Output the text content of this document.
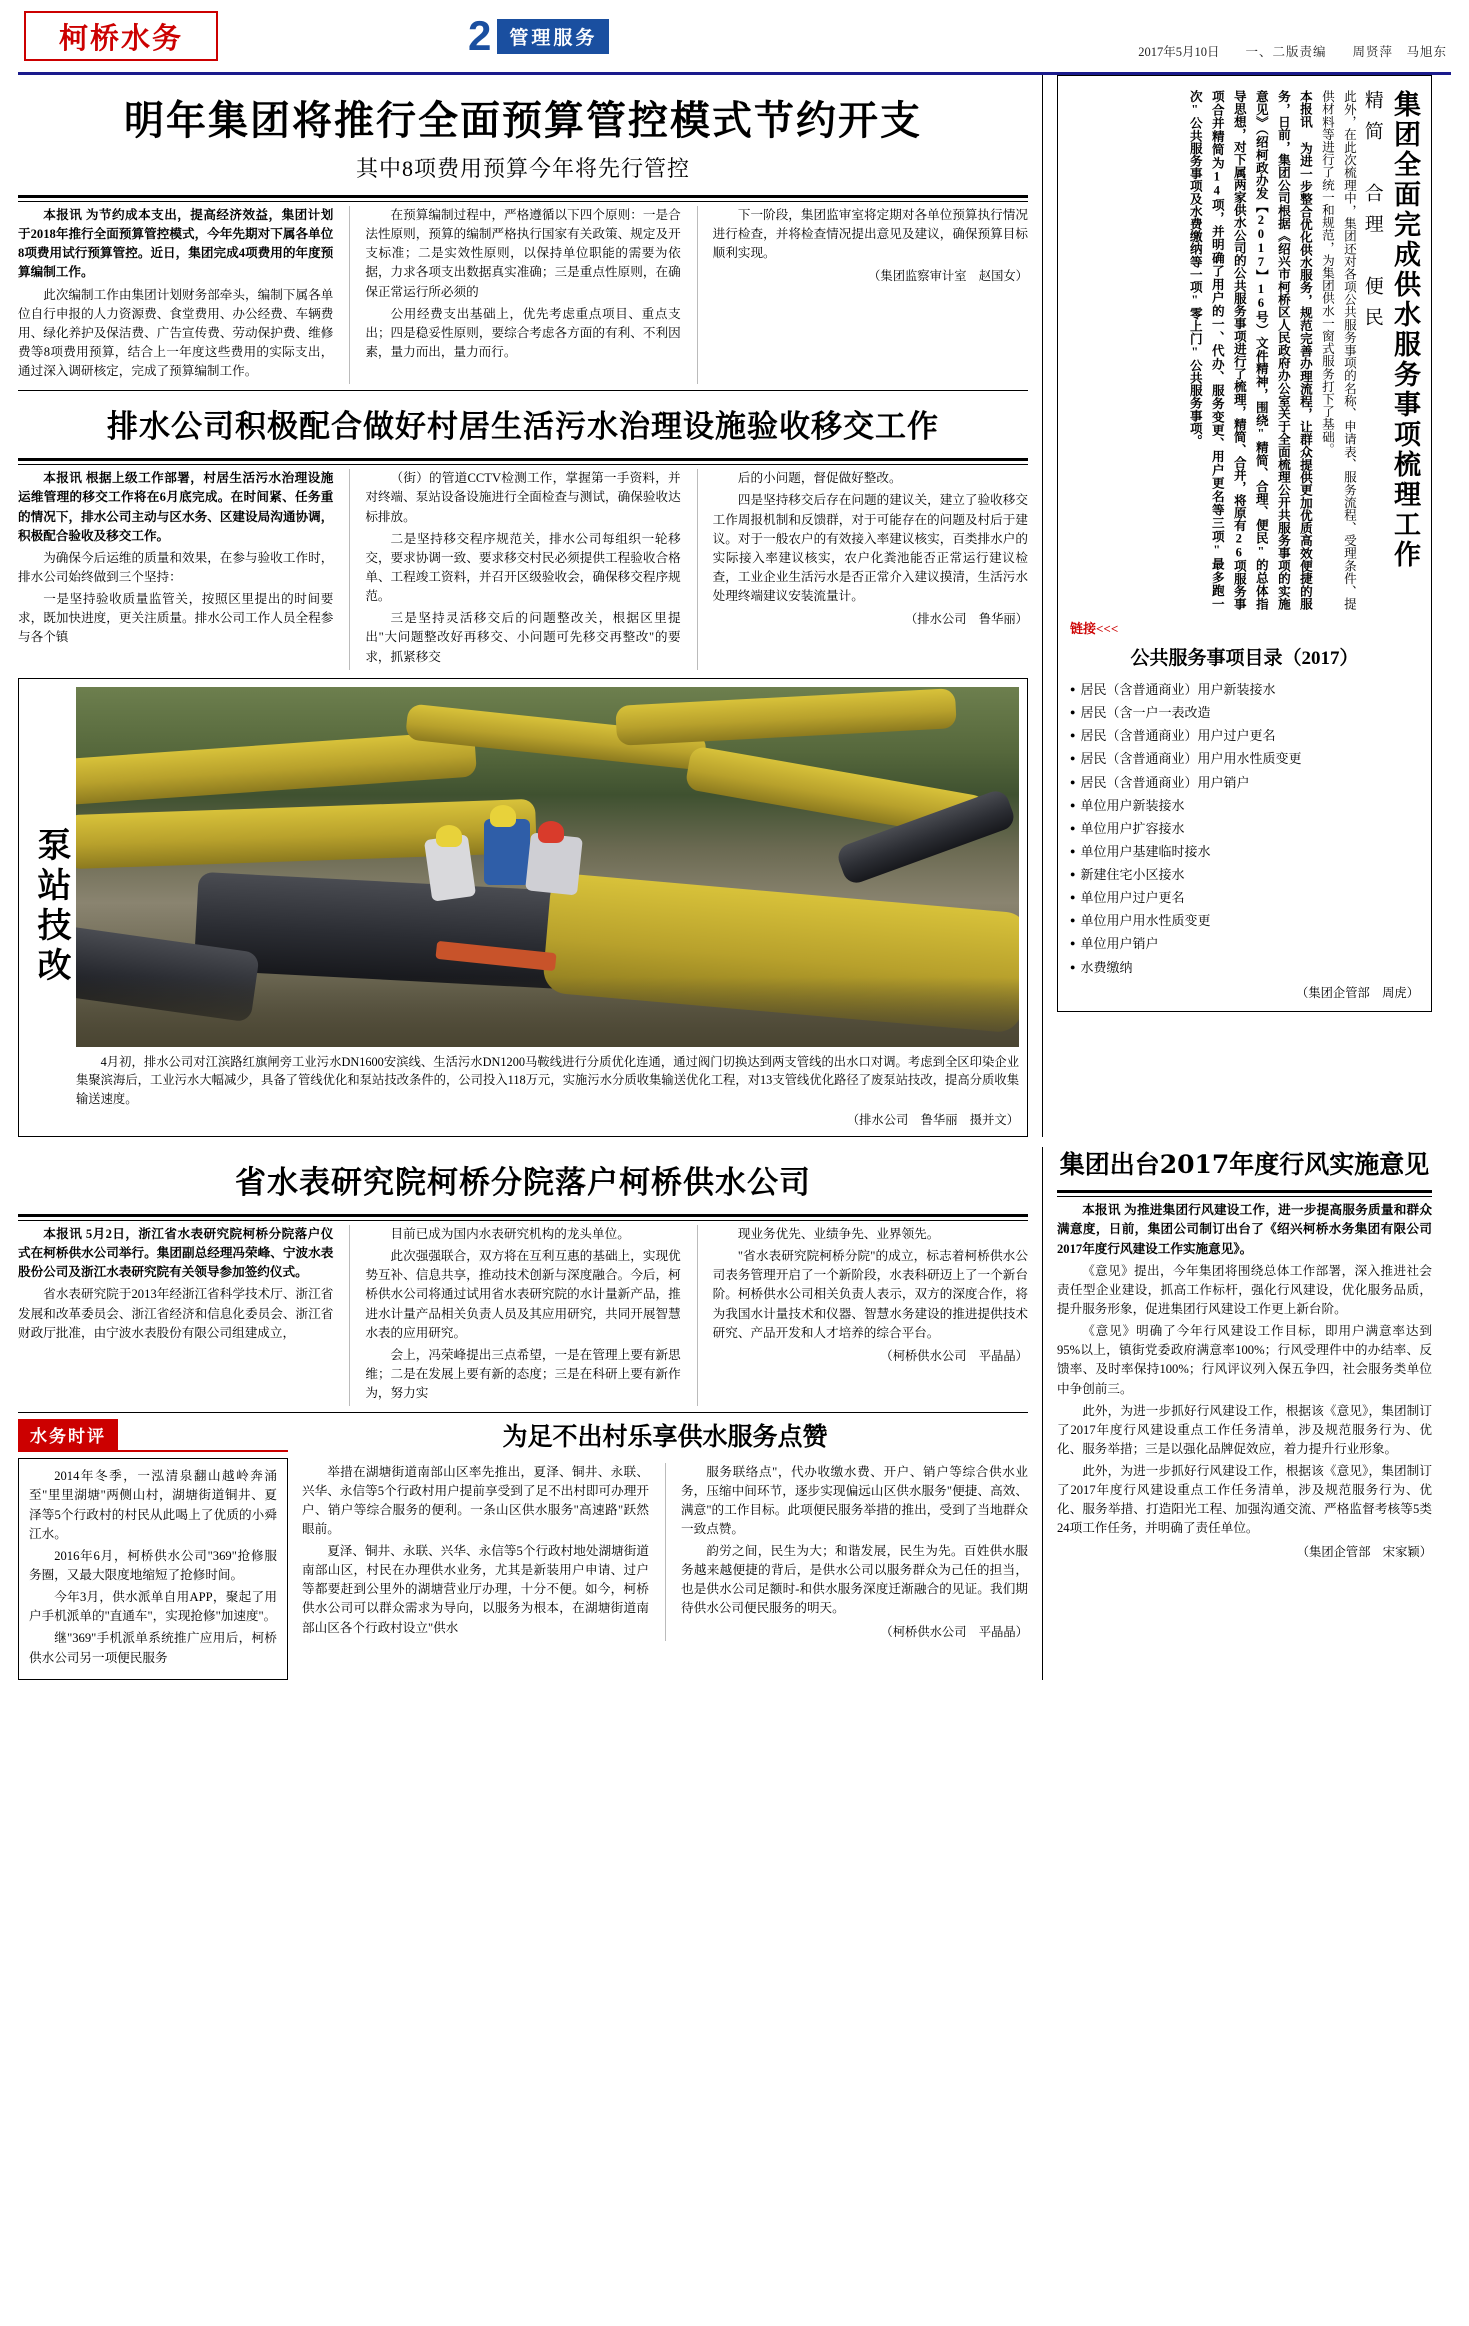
柯桥水务	2 管理服务
2017年5月10日 一、二版责编 周贤萍　马旭东
明年集团将推行全面预算管控模式节约开支
其中8项费用预算今年将先行管控

本报讯 为节约成本支出，提高经济效益，集团计划于2018年推行全面预算管控模式，今年先期对下属各单位8项费用试行预算管控。近日，集团完成4项费用的年度预算编制工作。

此次编制工作由集团计划财务部牵头，编制下属各单位自行申报的人力资源费、食堂费用、办公经费、车辆费用、绿化养护及保洁费、广告宣传费、劳动保护费、维修费等8项费用预算，结合上一年度这些费用的实际支出，通过深入调研核定，完成了预算编制工作。

在预算编制过程中，严格遵循以下四个原则：一是合法性原则，预算的编制严格执行国家有关政策、规定及开支标准；二是实效性原则，以保持单位职能的需要为依据，力求各项支出数据真实准确；三是重点性原则，在确保正常运行所必须的

公用经费支出基础上，优先考虑重点项目、重点支出；四是稳妥性原则，要综合考虑各方面的有利、不利因素，量力而出，量力而行。

下一阶段，集团监审室将定期对各单位预算执行情况进行检查，并将检查情况提出意见及建议，确保预算目标顺利实现。

（集团监察审计室　赵国女）
排水公司积极配合做好村居生活污水治理设施验收移交工作

本报讯 根据上级工作部署，村居生活污水治理设施运维管理的移交工作将在6月底完成。在时间紧、任务重的情况下，排水公司主动与区水务、区建设局沟通协调，积极配合验收及移交工作。

为确保今后运维的质量和效果，在参与验收工作时，排水公司始终做到三个坚持：

一是坚持验收质量监管关，按照区里提出的时间要求，既加快进度，更关注质量。排水公司工作人员全程参与各个镇

（街）的管道CCTV检测工作，掌握第一手资料，并对终端、泵站设备设施进行全面检查与测试，确保验收达标排放。

二是坚持移交程序规范关，排水公司每组织一轮移交，要求协调一致、要求移交村民必须提供工程验收合格单、工程竣工资料，并召开区级验收会，确保移交程序规范。

三是坚持灵活移交后的问题整改关，根据区里提出"大问题整改好再移交、小问题可先移交再整改"的要求，抓紧移交

后的小问题，督促做好整改。

四是坚持移交后存在问题的建议关，建立了验收移交工作周报机制和反馈群，对于可能存在的问题及村后于建议。对于一般农户的有效接入率建议核实，百类排水户的实际接入率建议核实，农户化粪池能否正常运行建议检查，工业企业生活污水是否正常介入建议摸清，生活污水处理终端建议安装流量计。

（排水公司　鲁华丽）
泵站技改
4月初，排水公司对江滨路红旗闸旁工业污水DN1600安滨线、生活污水DN1200马鞍线进行分质优化连通，通过阀门切换达到两支管线的出水口对调。考虑到全区印染企业集聚滨海后，工业污水大幅减少，具备了管线优化和泵站技改条件的，公司投入118万元，实施污水分质收集输送优化工程，对13支管线优化路径了废泵站技改，提高分质收集输送速度。
（排水公司　鲁华丽　摄并文）
本报讯 为进一步整合优化供水服务，规范完善办理流程，让群众提供更加优质高效便捷的服务，日前，集团公司根据《绍兴市柯桥区人民政府办公室关于全面梳理公开共服务事项的实施意见》（绍柯政办发【2017】16号）文件精神，围绕"精简、合理、便民"的总体指导思想，对下属两家供水公司的公共服务事项进行了梳理，精简、合并，将原有26项服务事项合并精简为14项，并明确了用户的一、代办、服务变更、用户更名等三项"最多跑一次"公共服务事项及水费缴纳等一项"零上门"公共服务事项。	此外，在此次梳理中，集团还对各项公共服务事项的名称、申请表、服务流程、受理条件、提供材料等进行了统一和规范，为集团供水一窗式服务打下了基础。	精简　合理　便民 集团全面完成供水服务事项梳理工作
链接<<<
公共服务事项目录（2017）
● 居民（含普通商业）用户新装接水
● 居民（含一户一表改造
● 居民（含普通商业）用户过户更名
● 居民（含普通商业）用户用水性质变更
● 居民（含普通商业）用户销户
● 单位用户新装接水
● 单位用户扩容接水
● 单位用户基建临时接水
● 新建住宅小区接水
● 单位用户过户更名
● 单位用户用水性质变更
● 单位用户销户
● 水费缴纳
（集团企管部　周虎）
省水表研究院柯桥分院落户柯桥供水公司

本报讯 5月2日，浙江省水表研究院柯桥分院落户仪式在柯桥供水公司举行。集团副总经理冯荣峰、宁波水表股份公司及浙江水表研究院有关领导参加签约仪式。

省水表研究院于2013年经浙江省科学技术厅、浙江省发展和改革委员会、浙江省经济和信息化委员会、浙江省财政厅批准，由宁波水表股份有限公司组建成立，

目前已成为国内水表研究机构的龙头单位。

此次强强联合，双方将在互利互惠的基础上，实现优势互补、信息共享，推动技术创新与深度融合。今后，柯桥供水公司将通过试用省水表研究院的水计量新产品，推进水计量产品相关负责人员及其应用研究，共同开展智慧水表的应用研究。

会上，冯荣峰提出三点希望，一是在管理上要有新思维；二是在发展上要有新的态度；三是在科研上要有新作为，努力实

现业务优先、业绩争先、业界领先。

"省水表研究院柯桥分院"的成立，标志着柯桥供水公司表务管理开启了一个新阶段，水表科研迈上了一个新台阶。柯桥供水公司相关负责人表示，双方的深度合作，将为我国水计量技术和仪器、智慧水务建设的推进提供技术研究、产品开发和人才培养的综合平台。

（柯桥供水公司　平晶晶）
水务时评

2014年冬季，一泓清泉翻山越岭奔涌至"里里湖塘"两侧山村，湖塘街道铜井、夏泽等5个行政村的村民从此喝上了优质的小舜江水。

2016年6月，柯桥供水公司"369"抢修服务圈，又最大限度地缩短了抢修时间。

今年3月，供水派单自用APP，聚起了用户手机派单的"直通车"，实现抢修"加速度"。

继"369"手机派单系统推广应用后，柯桥供水公司另一项便民服务

为足不出村乐享供水服务点赞

举措在湖塘街道南部山区率先推出，夏泽、铜井、永联、兴华、永信等5个行政村用户提前享受到了足不出村即可办理开户、销户等综合服务的便利。一条山区供水服务"高速路"跃然眼前。

夏泽、铜井、永联、兴华、永信等5个行政村地处湖塘街道南部山区，村民在办理供水业务，尤其是新装用户申请、过户等都要赶到公里外的湖塘营业厅办理，十分不便。如今，柯桥供水公司可以群众需求为导向，以服务为根本，在湖塘街道南部山区各个行政村设立"供水

服务联络点"，代办收缴水费、开户、销户等综合供水业务，压缩中间环节，逐步实现偏远山区供水服务"便捷、高效、满意"的工作目标。此项便民服务举措的推出，受到了当地群众一致点赞。

韵労之间，民生为大；和谐发展，民生为先。百姓供水服务越来越便捷的背后，是供水公司以服务群众为己任的担当，也是供水公司足额时-和供水服务深度迁渐融合的见证。我们期待供水公司便民服务的明天。

（柯桥供水公司　平晶晶）
集团出台2017年度行风实施意见

本报讯 为推进集团行风建设工作，进一步提高服务质量和群众满意度，日前，集团公司制订出台了《绍兴柯桥水务集团有限公司2017年度行风建设工作实施意见》。

《意见》提出，今年集团将围绕总体工作部署，深入推进社会责任型企业建设，抓高工作标杆，强化行风建设，优化服务品质，提升服务形象，促进集团行风建设工作更上新台阶。

《意见》明确了今年行风建设工作目标，即用户满意率达到95%以上，镇街党委政府满意率100%；行风受理件中的办结率、反馈率、及时率保持100%；行风评议列入保五争四，社会服务类单位中争创前三。

此外，为进一步抓好行风建设工作，根据该《意见》，集团制订了2017年度行风建设重点工作任务清单，涉及规范服务行为、优化、服务举措；三是以强化品牌促效应，着力提升行业形象。

此外，为进一步抓好行风建设工作，根据该《意见》，集团制订了2017年度行风建设重点工作任务清单，涉及规范服务行为、优化、服务举措、打造阳光工程、加强沟通交流、严格监督考核等5类24项工作任务，并明确了责任单位。

（集团企管部　宋家颖）
